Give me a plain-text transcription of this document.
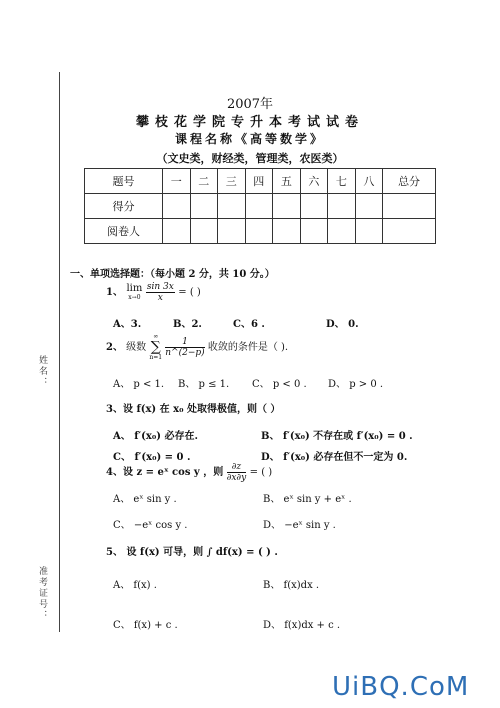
姓名：
准考证号：
2007年
攀枝花学院专升本考试试卷
课程名称《高等数学》
（文史类，财经类，管理类，农医类）
题号	一	二	三	四	五	六	七	八	总分
得分									
阅卷人									
一、单项选择题：（每小题 2 分，共 10 分。）
1、 lim
x→0
$\frac{\sin 3x}{x}$ = ( )
A、3.	B、2.	C、6 .	D、 0.
2、 级数
∞
∑
n=1
$\frac{1}{n\^{}(2-p)}$ 收敛的条件是（ ).
A、 p < 1. B、 p ≤ 1. C、 p < 0 . D、 p > 0 .
3、设 f(x) 在 x₀ 处取得极值，则（ ）
A、 f′(x₀) 必存在.	B、 f′(x₀) 不存在或 f′(x₀) = 0 .
C、 f′(x₀) = 0 .	D、 f′(x₀) 必存在但不一定为 0.
4、设 z = eˣ cos y ，则 $\frac{\partial z}{\partial x\partial y}$ = ( )
A、 eˣ sin y .	B、 eˣ sin y + eˣ .
C、 −eˣ cos y .	D、 −eˣ sin y .
5、 设 f(x) 可导，则 ∫ df(x) = ( ) .
A、 f(x) .	B、 f(x)dx .
C、 f(x) + c .	D、 f(x)dx + c .
UiBQ.CoM
